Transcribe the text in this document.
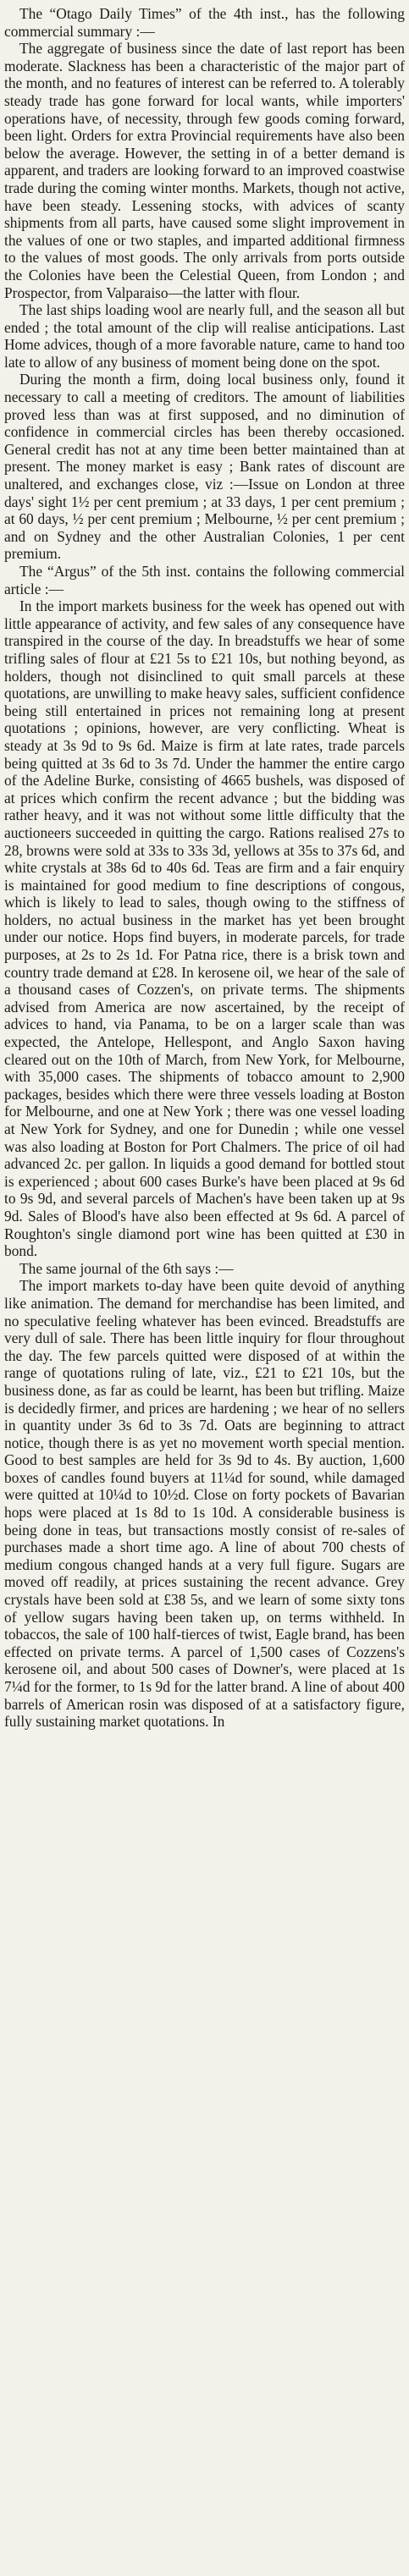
The “Otago Daily Times” of the 4th inst., has the following commercial summary :—

The aggregate of business since the date of last report has been moderate. Slackness has been a characteristic of the major part of the month, and no features of interest can be referred to. A tolerably steady trade has gone forward for local wants, while importers' operations have, of necessity, through few goods coming forward, been light. Orders for extra Provincial requirements have also been below the average. However, the setting in of a better demand is apparent, and traders are looking forward to an improved coastwise trade during the coming winter months. Markets, though not active, have been steady. Lessening stocks, with advices of scanty shipments from all parts, have caused some slight improvement in the values of one or two staples, and imparted additional firmness to the values of most goods. The only arrivals from ports outside the Colonies have been the Celestial Queen, from London ; and Prospector, from Valparaiso—the latter with flour.

The last ships loading wool are nearly full, and the season all but ended ; the total amount of the clip will realise anticipations. Last Home advices, though of a more favorable nature, came to hand too late to allow of any business of moment being done on the spot.

During the month a firm, doing local business only, found it necessary to call a meeting of creditors. The amount of liabilities proved less than was at first supposed, and no diminution of confidence in commercial circles has been thereby occasioned. General credit has not at any time been better maintained than at present. The money market is easy ; Bank rates of discount are unaltered, and exchanges close, viz :—Issue on London at three days' sight 1½ per cent premium ; at 33 days, 1 per cent premium ; at 60 days, ½ per cent premium ; Melbourne, ½ per cent premium ; and on Sydney and the other Australian Colonies, 1 per cent premium.

The “Argus” of the 5th inst. contains the following commercial article :—

In the import markets business for the week has opened out with little appearance of activity, and few sales of any consequence have transpired in the course of the day. In breadstuffs we hear of some trifling sales of flour at £21 5s to £21 10s, but nothing beyond, as holders, though not disinclined to quit small parcels at these quotations, are unwilling to make heavy sales, sufficient confidence being still entertained in prices not remaining long at present quotations ; opinions, however, are very conflicting. Wheat is steady at 3s 9d to 9s 6d. Maize is firm at late rates, trade parcels being quitted at 3s 6d to 3s 7d. Under the hammer the entire cargo of the Adeline Burke, consisting of 4665 bushels, was disposed of at prices which confirm the recent advance ; but the bidding was rather heavy, and it was not without some little difficulty that the auctioneers succeeded in quitting the cargo. Rations realised 27s to 28, browns were sold at 33s to 33s 3d, yellows at 35s to 37s 6d, and white crystals at 38s 6d to 40s 6d. Teas are firm and a fair enquiry is maintained for good medium to fine descriptions of congous, which is likely to lead to sales, though owing to the stiffness of holders, no actual business in the market has yet been brought under our notice. Hops find buyers, in moderate parcels, for trade purposes, at 2s to 2s 1d. For Patna rice, there is a brisk town and country trade demand at £28. In kerosene oil, we hear of the sale of a thousand cases of Cozzen's, on private terms. The shipments advised from America are now ascertained, by the receipt of advices to hand, via Panama, to be on a larger scale than was expected, the Antelope, Hellespont, and Anglo Saxon having cleared out on the 10th of March, from New York, for Melbourne, with 35,000 cases. The shipments of tobacco amount to 2,900 packages, besides which there were three vessels loading at Boston for Melbourne, and one at New York ; there was one vessel loading at New York for Sydney, and one for Dunedin ; while one vessel was also loading at Boston for Port Chalmers. The price of oil had advanced 2c. per gallon. In liquids a good demand for bottled stout is experienced ; about 600 cases Burke's have been placed at 9s 6d to 9s 9d, and several parcels of Machen's have been taken up at 9s 9d. Sales of Blood's have also been effected at 9s 6d. A parcel of Roughton's single diamond port wine has been quitted at £30 in bond.

The same journal of the 6th says :—

The import markets to-day have been quite devoid of anything like animation. The demand for merchandise has been limited, and no speculative feeling whatever has been evinced. Breadstuffs are very dull of sale. There has been little inquiry for flour throughout the day. The few parcels quitted were disposed of at within the range of quotations ruling of late, viz., £21 to £21 10s, but the business done, as far as could be learnt, has been but trifling. Maize is decidedly firmer, and prices are hardening ; we hear of no sellers in quantity under 3s 6d to 3s 7d. Oats are beginning to attract notice, though there is as yet no movement worth special mention. Good to best samples are held for 3s 9d to 4s. By auction, 1,600 boxes of candles found buyers at 11¼d for sound, while damaged were quitted at 10¼d to 10½d. Close on forty pockets of Bavarian hops were placed at 1s 8d to 1s 10d. A considerable business is being done in teas, but transactions mostly consist of re-sales of purchases made a short time ago. A line of about 700 chests of medium congous changed hands at a very full figure. Sugars are moved off readily, at prices sustaining the recent advance. Grey crystals have been sold at £38 5s, and we learn of some sixty tons of yellow sugars having been taken up, on terms withheld. In tobaccos, the sale of 100 half-tierces of twist, Eagle brand, has been effected on private terms. A parcel of 1,500 cases of Cozzens's kerosene oil, and about 500 cases of Downer's, were placed at 1s 7¼d for the former, to 1s 9d for the latter brand. A line of about 400 barrels of American rosin was disposed of at a satisfactory figure, fully sustaining market quotations. In
